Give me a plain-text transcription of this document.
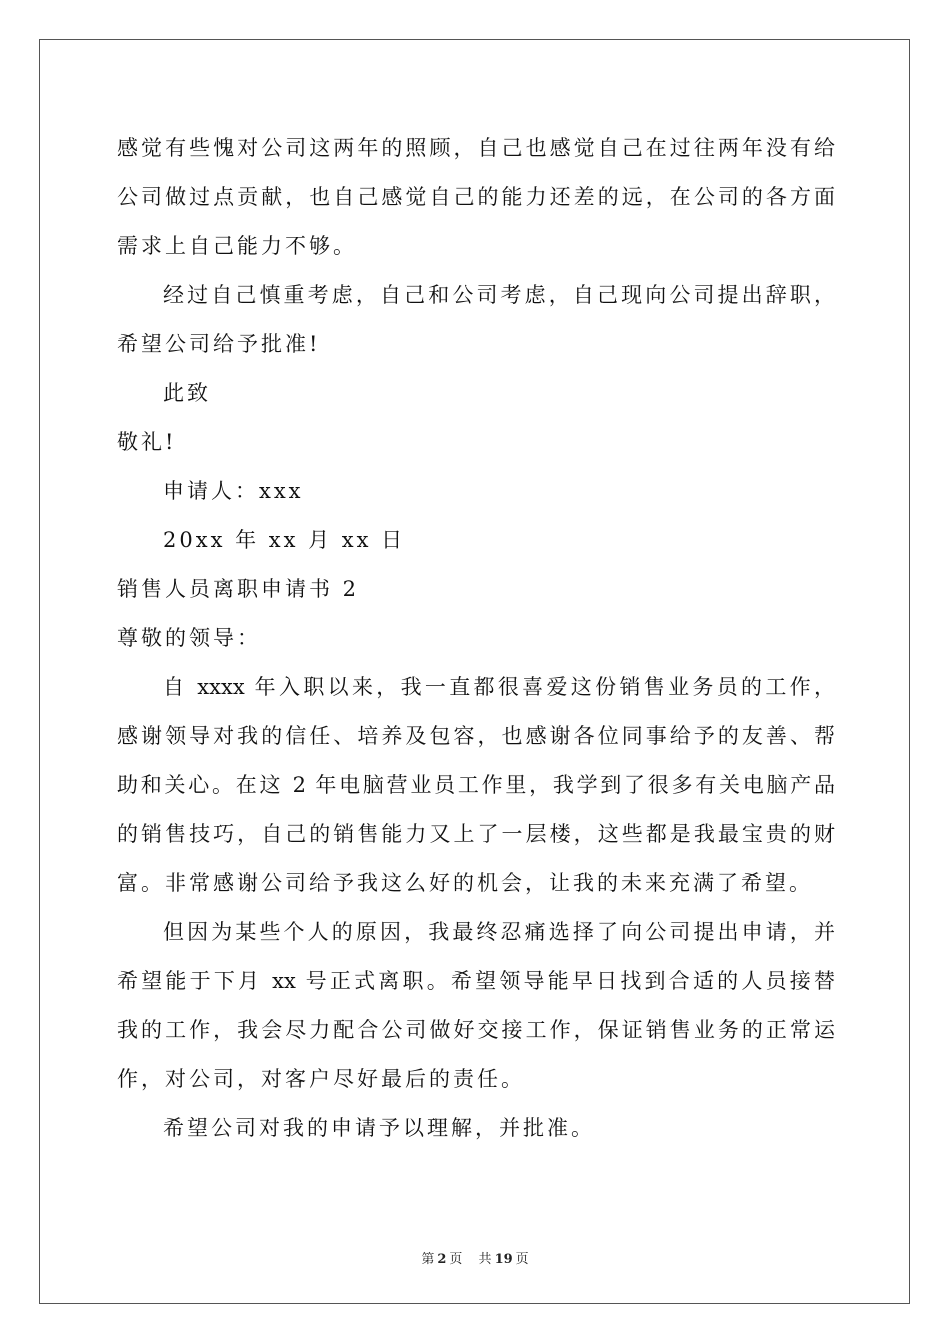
感觉有些愧对公司这两年的照顾，自己也感觉自己在过往两年没有给
公司做过点贡献，也自己感觉自己的能力还差的远，在公司的各方面
需求上自己能力不够。
经过自己慎重考虑，自己和公司考虑，自己现向公司提出辞职，
希望公司给予批准!
此致
敬礼!
申请人：xxx
20xx 年 xx 月 xx 日
销售人员离职申请书 2
尊敬的领导：
自 xxxx 年入职以来，我一直都很喜爱这份销售业务员的工作，
感谢领导对我的信任、培养及包容，也感谢各位同事给予的友善、帮
助和关心。在这 2 年电脑营业员工作里，我学到了很多有关电脑产品
的销售技巧，自己的销售能力又上了一层楼，这些都是我最宝贵的财
富。非常感谢公司给予我这么好的机会，让我的未来充满了希望。
但因为某些个人的原因，我最终忍痛选择了向公司提出申请，并
希望能于下月 xx 号正式离职。希望领导能早日找到合适的人员接替
我的工作，我会尽力配合公司做好交接工作，保证销售业务的正常运
作，对公司，对客户尽好最后的责任。
希望公司对我的申请予以理解，并批准。
第 2 页 共 19 页
